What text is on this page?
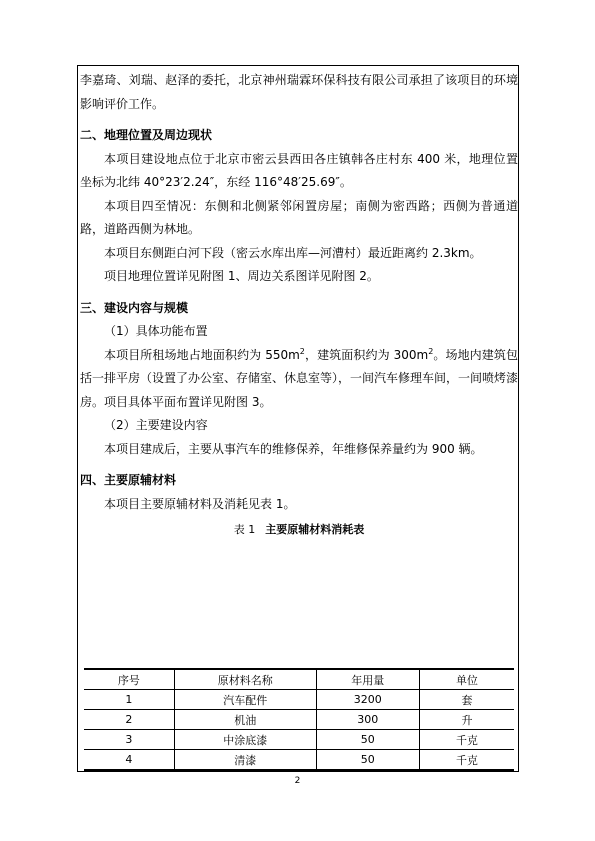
李嘉琦、刘瑞、赵泽的委托，北京神州瑞霖环保科技有限公司承担了该项目的环境影响评价工作。

二、地理位置及周边现状

本项目建设地点位于北京市密云县西田各庄镇韩各庄村东 400 米，地理位置坐标为北纬 40°23′2.24″，东经 116°48′25.69″。

本项目四至情况：东侧和北侧紧邻闲置房屋；南侧为密西路；西侧为普通道路，道路西侧为林地。

本项目东侧距白河下段（密云水库出库—河漕村）最近距离约 2.3km。

项目地理位置详见附图 1、周边关系图详见附图 2。

三、建设内容与规模

（1）具体功能布置

本项目所租场地占地面积约为 $550m^2$，建筑面积约为 $300m^2$。场地内建筑包括一排平房（设置了办公室、存储室、休息室等），一间汽车修理车间，一间喷烤漆房。项目具体平面布置详见附图 3。

（2）主要建设内容

本项目建成后，主要从事汽车的维修保养，年维修保养量约为 900 辆。

四、主要原辅材料

本项目主要原辅材料及消耗见表 1。

表 1 主要原辅材料消耗表
序号	原材料名称	年用量	单位
1	汽车配件	3200	套
2	机油	300	升
3	中涂底漆	50	千克
4	清漆	50	千克
2
